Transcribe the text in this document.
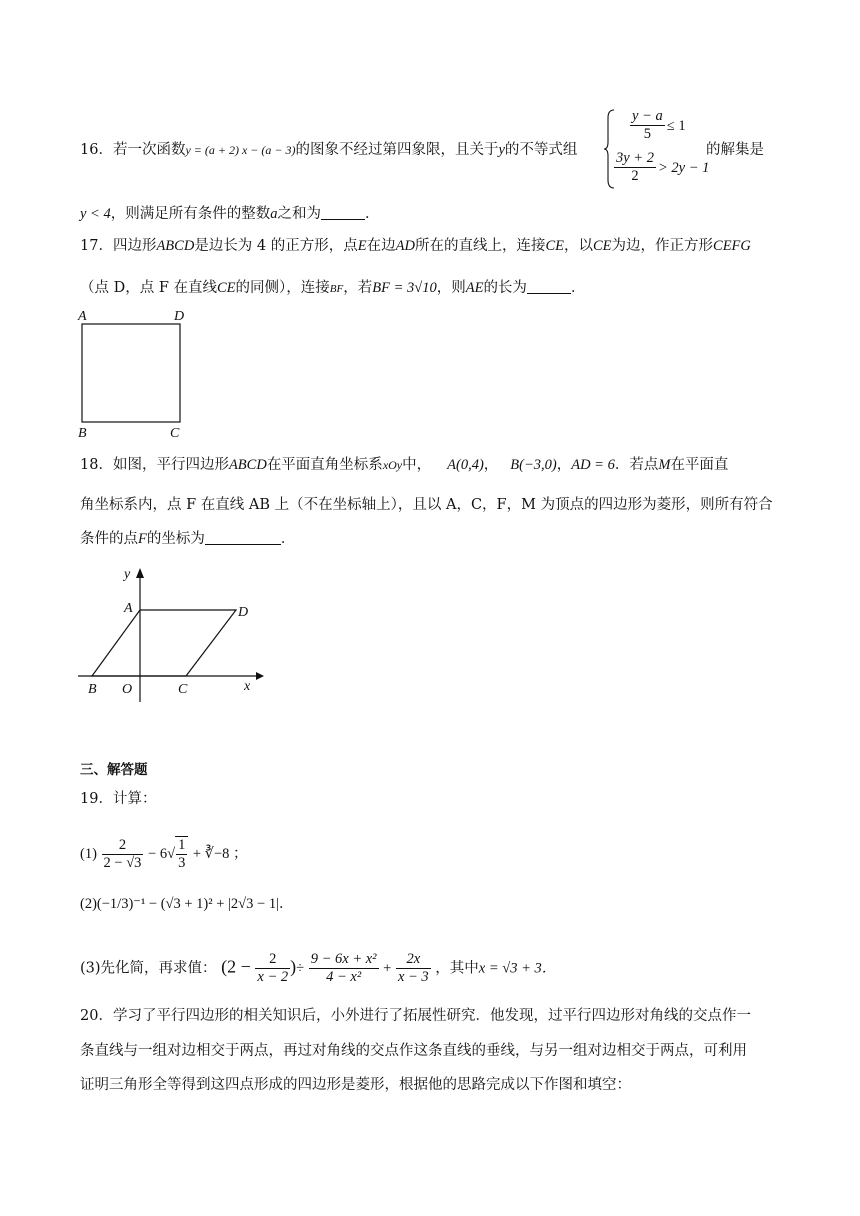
16．若一次函数y = (a + 2) x − (a − 3)的图象不经过第四象限，且关于y的不等式组
$\frac{y - a}{5} \le 1$
$\frac{3y + 2}{2} > 2y - 1$
的解集是
y < 4，则满足所有条件的整数a之和为	．
17．四边形ABCD是边长为 4 的正方形，点E在边AD所在的直线上，连接CE，以CE为边，作正方形CEFG
（点 D，点 F 在直线CE的同侧），连接BF，若BF = 3√10，则AE的长为	．
A	D
B	C
18．如图，平行四边形ABCD在平面直角坐标系xOy中， A(0,4)， B(−3,0)，AD = 6．若点M在平面直
角坐标系内，点 F 在直线 AB 上（不在坐标轴上），且以 A，C，F，M 为顶点的四边形为菱形，则所有符合
条件的点F的坐标为	．
y
x
A	D
B O	C
三、解答题
19．计算：
$(1) \frac{2}{2 - √3} - 6√ \frac{1}{3}$ + ∛−8 ；
(2)(−1/3)⁻¹ − (√3 + 1)² + |2√3 − 1|．
(3)先化简，再求值： ($2 - \frac{2}{x - 2}$ )÷ $\frac{\text{9 − 6x + x²}}{\text{4 − x²}} + \frac{2x}{x - 3}$ ，其中x = √3 + 3．
20．学习了平行四边形的相关知识后，小外进行了拓展性研究．他发现，过平行四边形对角线的交点作一
条直线与一组对边相交于两点，再过对角线的交点作这条直线的垂线，与另一组对边相交于两点，可利用
证明三角形全等得到这四点形成的四边形是菱形，根据他的思路完成以下作图和填空：
